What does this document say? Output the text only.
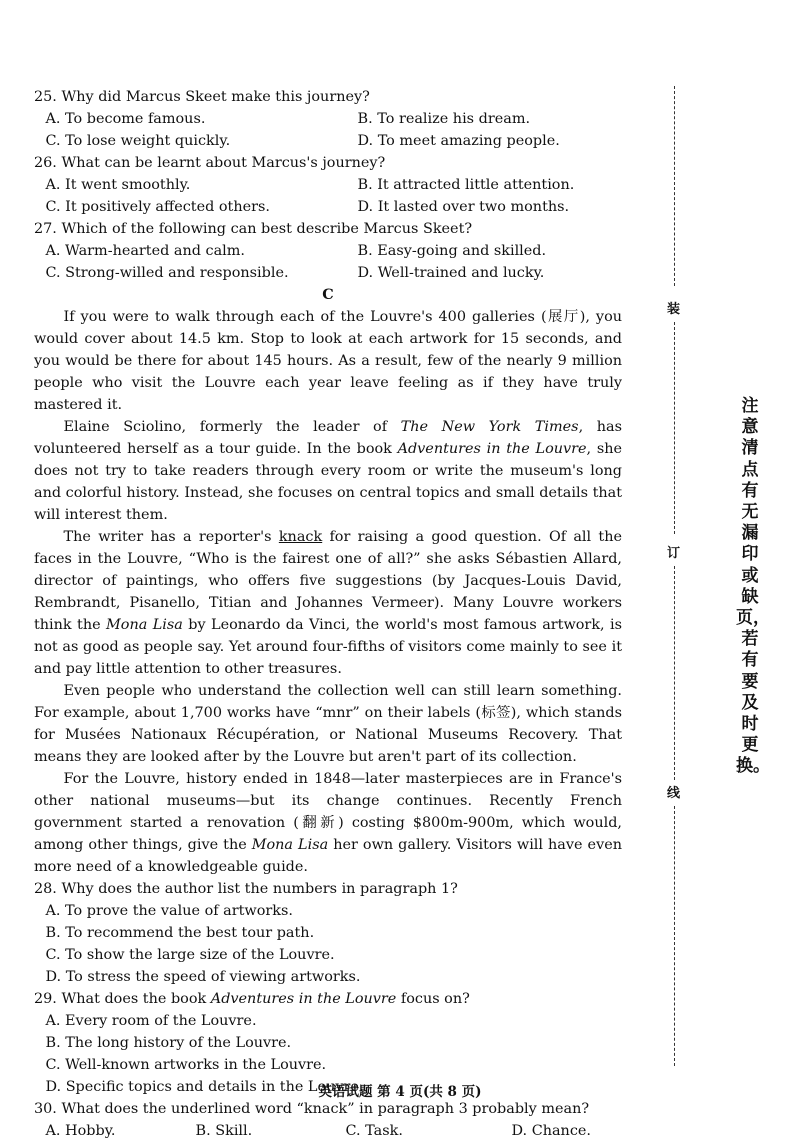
25. Why did Marcus Skeet make this journey?
A. To become famous.	B. To realize his dream.
C. To lose weight quickly.	D. To meet amazing people.
26. What can be learnt about Marcus's journey?
A. It went smoothly.	B. It attracted little attention.
C. It positively affected others.	D. It lasted over two months.
27. Which of the following can best describe Marcus Skeet?
A. Warm-hearted and calm.	B. Easy-going and skilled.
C. Strong-willed and responsible.	D. Well-trained and lucky.
C

If you were to walk through each of the Louvre's 400 galleries (展厅), you would cover about 14.5 km. Stop to look at each artwork for 15 seconds, and you would be there for about 145 hours. As a result, few of the nearly 9 million people who visit the Louvre each year leave feeling as if they have truly mastered it.

Elaine Sciolino, formerly the leader of The New York Times, has volunteered herself as a tour guide. In the book Adventures in the Louvre, she does not try to take readers through every room or write the museum's long and colorful history. Instead, she focuses on central topics and small details that will interest them.

The writer has a reporter's knack for raising a good question. Of all the faces in the Louvre, “Who is the fairest one of all?” she asks Sébastien Allard, director of paintings, who offers five suggestions (by Jacques-Louis David, Rembrandt, Pisanello, Titian and Johannes Vermeer). Many Louvre workers think the Mona Lisa by Leonardo da Vinci, the world's most famous artwork, is not as good as people say. Yet around four-fifths of visitors come mainly to see it and pay little attention to other treasures.

Even people who understand the collection well can still learn something. For example, about 1,700 works have “mnr” on their labels (标签), which stands for Musées Nationaux Récupération, or National Museums Recovery. That means they are looked after by the Louvre but aren't part of its collection.

For the Louvre, history ended in 1848—later masterpieces are in France's other national museums—but its change continues. Recently French government started a renovation (翻新) costing $800m-900m, which would, among other things, give the Mona Lisa her own gallery. Visitors will have even more need of a knowledgeable guide.

28. Why does the author list the numbers in paragraph 1?
A. To prove the value of artworks.
B. To recommend the best tour path.
C. To show the large size of the Louvre.
D. To stress the speed of viewing artworks.
29. What does the book Adventures in the Louvre focus on?
A. Every room of the Louvre.
B. The long history of the Louvre.
C. Well-known artworks in the Louvre.
D. Specific topics and details in the Louvre.
30. What does the underlined word “knack” in paragraph 3 probably mean?
A. Hobby.	B. Skill.	C. Task.	D. Chance.
装
订
线
注意清点有无漏印或缺页，若有要及时更换。
英语试题 第 4 页(共 8 页)
